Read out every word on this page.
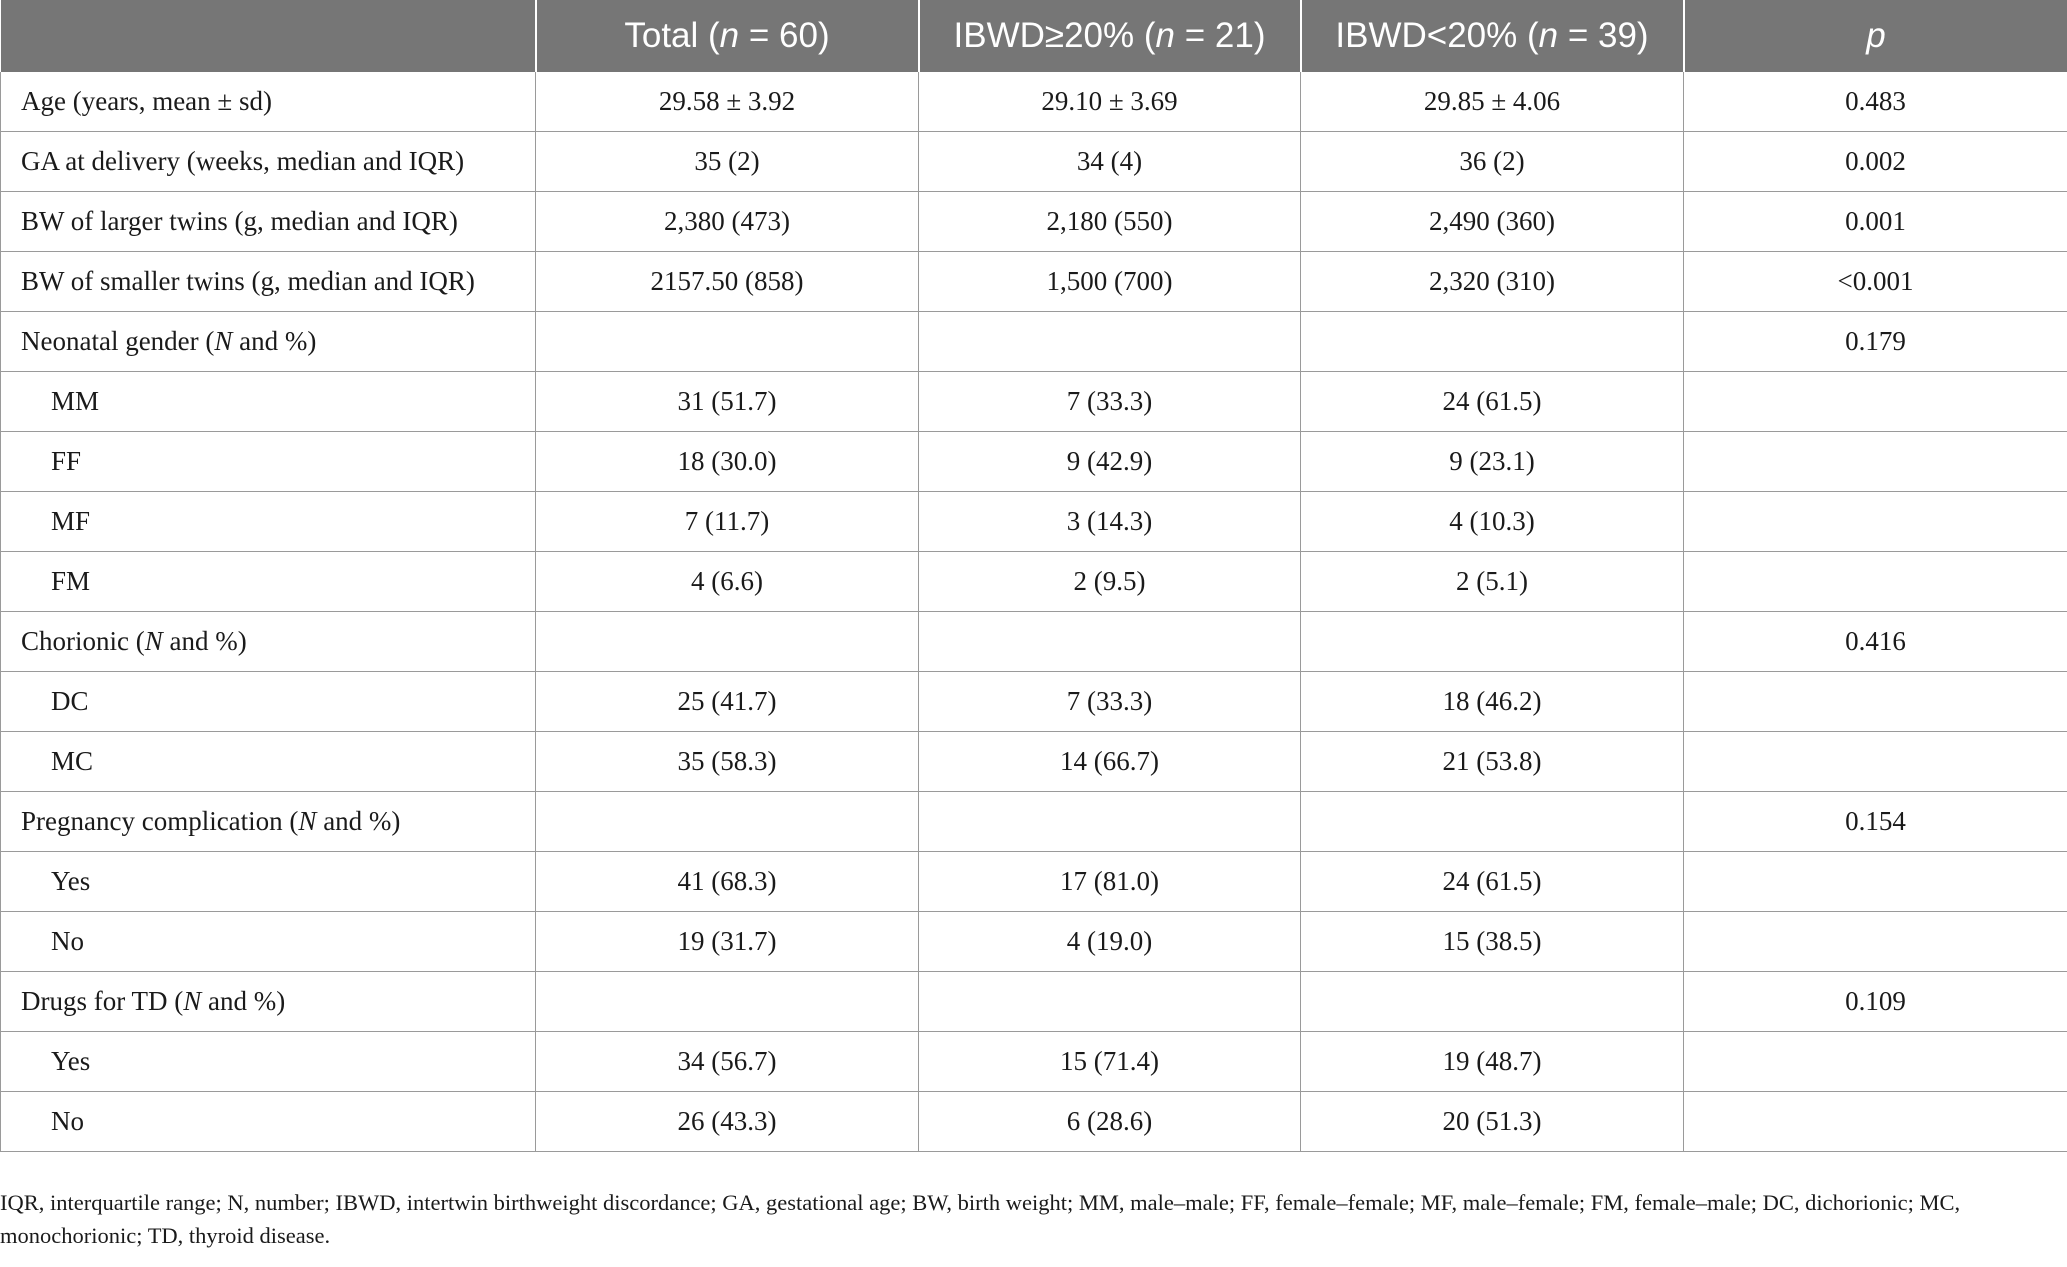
	Total (n = 60)	IBWD≥20% (n = 21)	IBWD<20% (n = 39)	p
Age (years, mean ± sd)	29.58 ± 3.92	29.10 ± 3.69	29.85 ± 4.06	0.483
GA at delivery (weeks, median and IQR)	35 (2)	34 (4)	36 (2)	0.002
BW of larger twins (g, median and IQR)	2,380 (473)	2,180 (550)	2,490 (360)	0.001
BW of smaller twins (g, median and IQR)	2157.50 (858)	1,500 (700)	2,320 (310)	<0.001
Neonatal gender (N and %)				0.179
MM	31 (51.7)	7 (33.3)	24 (61.5)	
FF	18 (30.0)	9 (42.9)	9 (23.1)	
MF	7 (11.7)	3 (14.3)	4 (10.3)	
FM	4 (6.6)	2 (9.5)	2 (5.1)	
Chorionic (N and %)				0.416
DC	25 (41.7)	7 (33.3)	18 (46.2)	
MC	35 (58.3)	14 (66.7)	21 (53.8)	
Pregnancy complication (N and %)				0.154
Yes	41 (68.3)	17 (81.0)	24 (61.5)	
No	19 (31.7)	4 (19.0)	15 (38.5)	
Drugs for TD (N and %)				0.109
Yes	34 (56.7)	15 (71.4)	19 (48.7)	
No	26 (43.3)	6 (28.6)	20 (51.3)	
IQR, interquartile range; N, number; IBWD, intertwin birthweight discordance; GA, gestational age; BW, birth weight; MM, male–male; FF, female–female; MF, male–female; FM, female–male; DC, dichorionic; MC, monochorionic; TD, thyroid disease.
